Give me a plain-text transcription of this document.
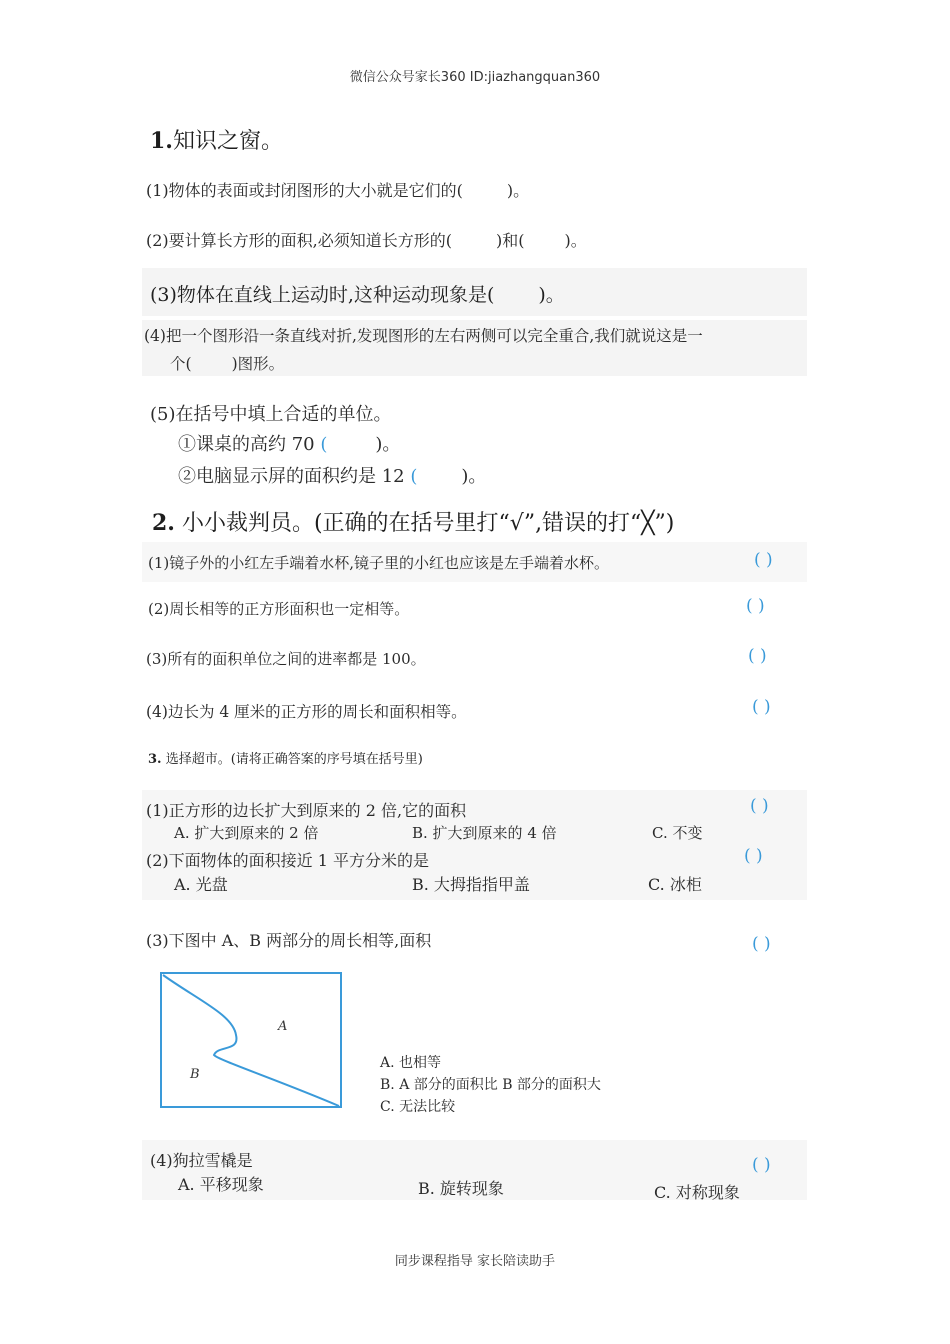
微信公众号家长360 ID:jiazhangquan360
1.知识之窗。
(1)物体的表面或封闭图形的大小就是它们的(	)。
(2)要计算长方形的面积,必须知道长方形的(	)和(	)。
(3)物体在直线上运动时,这种运动现象是( )。
(4)把一个图形沿一条直线对折,发现图形的左右两侧可以完全重合,我们就说这是一
个(	)图形。
(5)在括号中填上合适的单位。
①课桌的高约 70 (	)。
②电脑显示屏的面积约是 12 ( )。
2. 小小裁判员。(正确的在括号里打“√”,错误的打“╳”)
(1)镜子外的小红左手端着水杯,镜子里的小红也应该是左手端着水杯。	( )
(2)周长相等的正方形面积也一定相等。	( )
(3)所有的面积单位之间的进率都是 100。	( )
(4)边长为 4 厘米的正方形的周长和面积相等。	( )
3. 选择超市。(请将正确答案的序号填在括号里)
(1)正方形的边长扩大到原来的 2 倍,它的面积	( )
A. 扩大到原来的 2 倍	B. 扩大到原来的 4 倍	C. 不变
(2)下面物体的面积接近 1 平方分米的是	( )
A. 光盘	B. 大拇指指甲盖	C. 冰柜
(3)下图中 A、B 两部分的周长相等,面积	( )
A
B
A. 也相等
B. A 部分的面积比 B 部分的面积大
C. 无法比较
(4)狗拉雪橇是	( )
A. 平移现象	B. 旋转现象	C. 对称现象
同步课程指导 家长陪读助手
